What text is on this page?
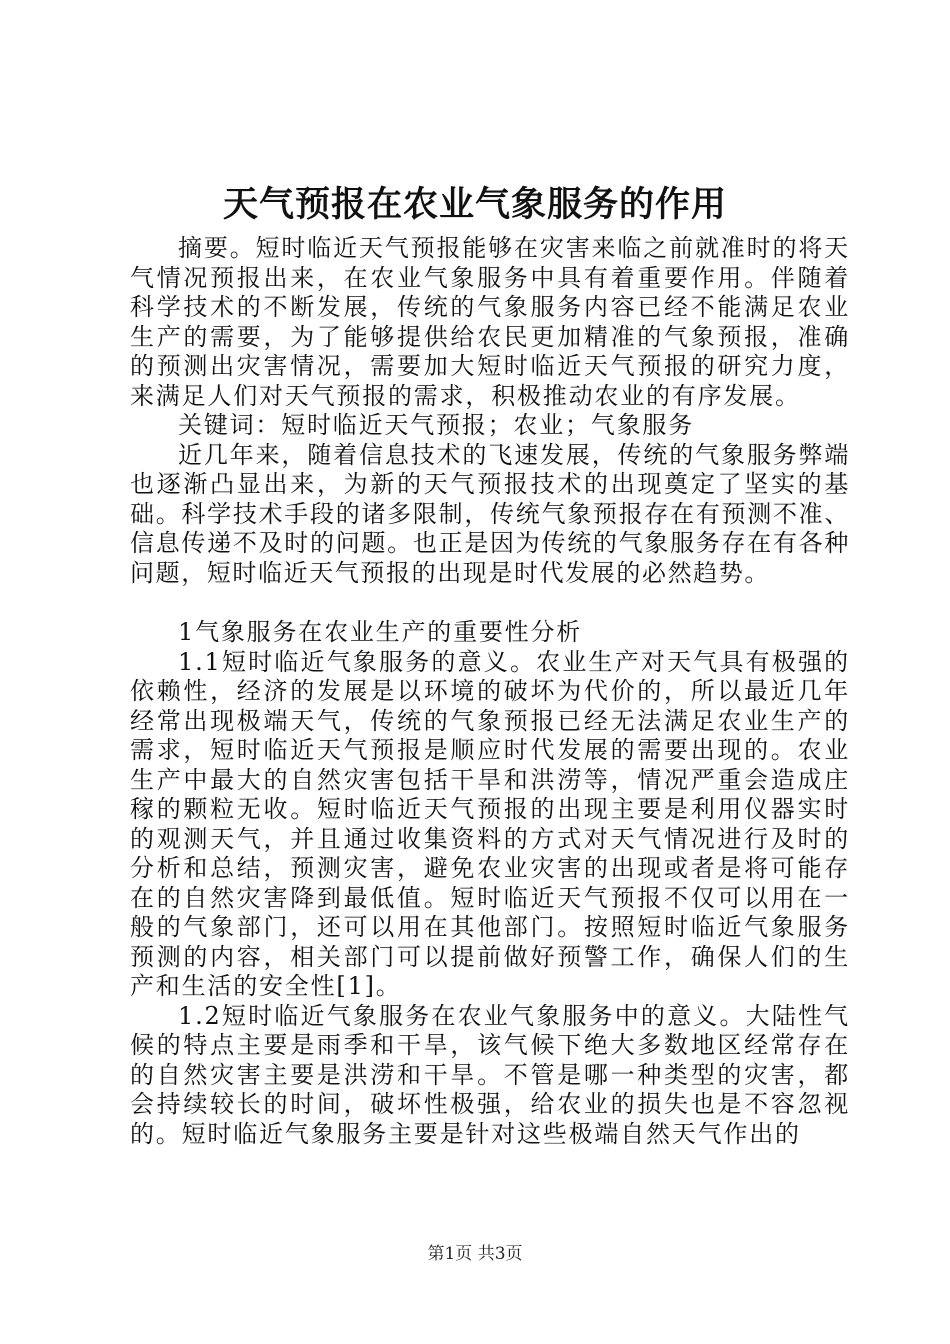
天气预报在农业气象服务的作用

摘要。短时临近天气预报能够在灾害来临之前就准时的将天气情况预报出来，在农业气象服务中具有着重要作用。伴随着科学技术的不断发展，传统的气象服务内容已经不能满足农业生产的需要，为了能够提供给农民更加精准的气象预报，准确的预测出灾害情况，需要加大短时临近天气预报的研究力度，来满足人们对天气预报的需求，积极推动农业的有序发展。

关键词：短时临近天气预报；农业；气象服务

近几年来，随着信息技术的飞速发展，传统的气象服务弊端也逐渐凸显出来，为新的天气预报技术的出现奠定了坚实的基础。科学技术手段的诸多限制，传统气象预报存在有预测不准、信息传递不及时的问题。也正是因为传统的气象服务存在有各种问题，短时临近天气预报的出现是时代发展的必然趋势。

1气象服务在农业生产的重要性分析

1.1短时临近气象服务的意义。农业生产对天气具有极强的依赖性，经济的发展是以环境的破坏为代价的，所以最近几年经常出现极端天气，传统的气象预报已经无法满足农业生产的需求，短时临近天气预报是顺应时代发展的需要出现的。农业生产中最大的自然灾害包括干旱和洪涝等，情况严重会造成庄稼的颗粒无收。短时临近天气预报的出现主要是利用仪器实时的观测天气，并且通过收集资料的方式对天气情况进行及时的分析和总结，预测灾害，避免农业灾害的出现或者是将可能存在的自然灾害降到最低值。短时临近天气预报不仅可以用在一般的气象部门，还可以用在其他部门。按照短时临近气象服务预测的内容，相关部门可以提前做好预警工作，确保人们的生产和生活的安全性[1]。

1.2短时临近气象服务在农业气象服务中的意义。大陆性气候的特点主要是雨季和干旱，该气候下绝大多数地区经常存在的自然灾害主要是洪涝和干旱。不管是哪一种类型的灾害，都会持续较长的时间，破坏性极强，给农业的损失也是不容忽视的。短时临近气象服务主要是针对这些极端自然天气作出的

第1页 共3页
